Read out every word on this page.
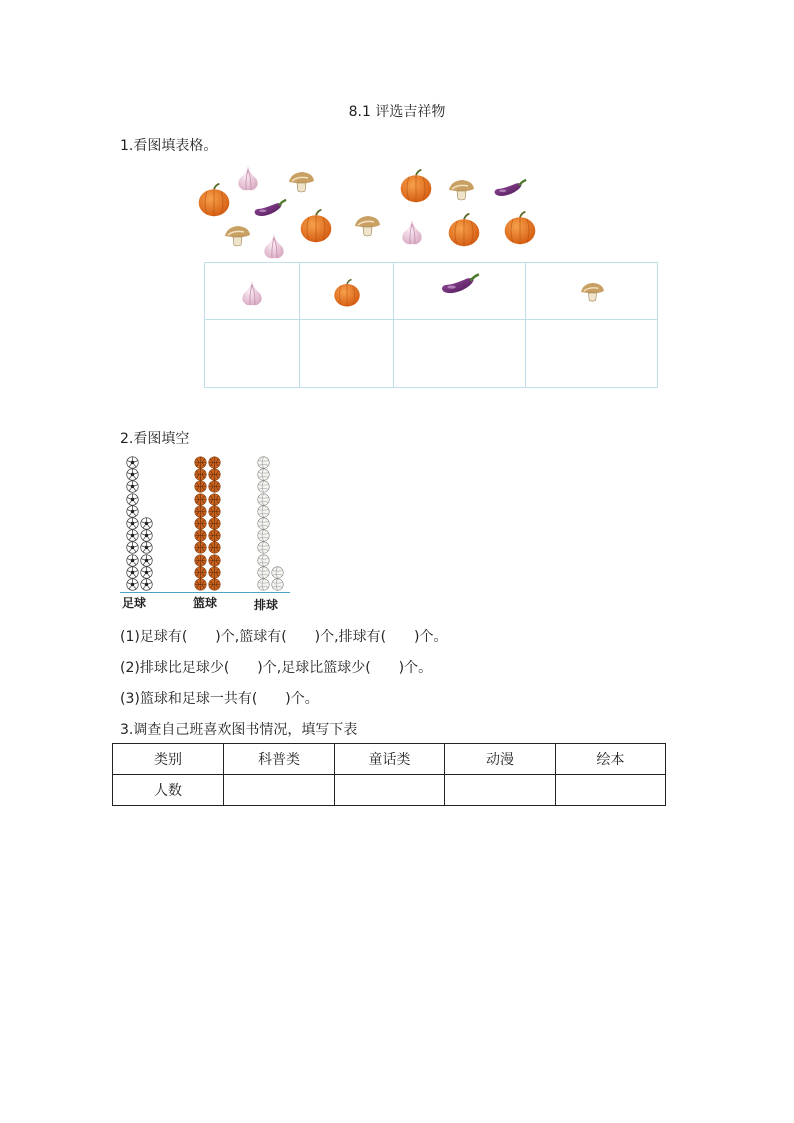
8.1 评选吉祥物
1.看图填表格。

2.看图填空
足球	篮球	排球
(1)足球有(　　)个,篮球有(　　)个,排球有(　　)个。
(2)排球比足球少(　　)个,足球比篮球少(　　)个。
(3)篮球和足球一共有(　　)个。
3.调查自己班喜欢图书情况，填写下表
类别	科普类	童话类	动漫	绘本
人数				
